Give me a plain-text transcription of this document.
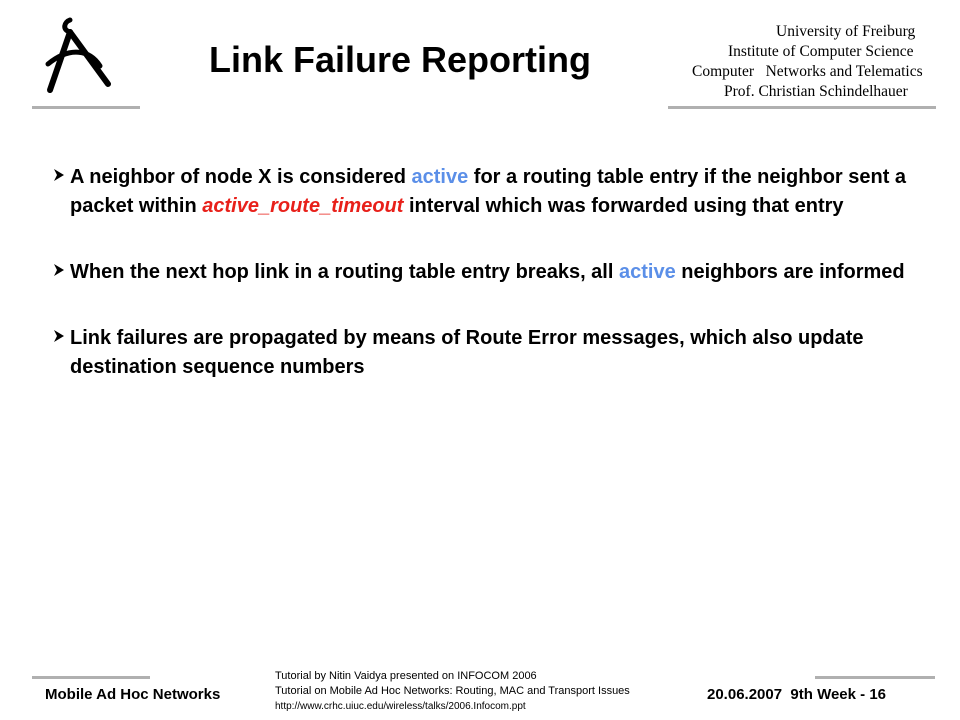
Link Failure Reporting
University of Freiburg
Institute of Computer Science
Computer   Networks and Telematics
Prof. Christian Schindelhauer
A neighbor of node X is considered active for a routing table entry if the neighbor sent a packet within active_route_timeout interval which was forwarded using that entry
When the next hop link in a routing table entry breaks, all active neighbors are informed
Link failures are propagated by means of Route Error messages, which also update destination sequence numbers
Mobile Ad Hoc Networks
Tutorial by Nitin Vaidya presented on INFOCOM 2006
Tutorial on Mobile Ad Hoc Networks: Routing, MAC and Transport Issues
http://www.crhc.uiuc.edu/wireless/talks/2006.Infocom.ppt
20.06.2007  9th Week - 16
